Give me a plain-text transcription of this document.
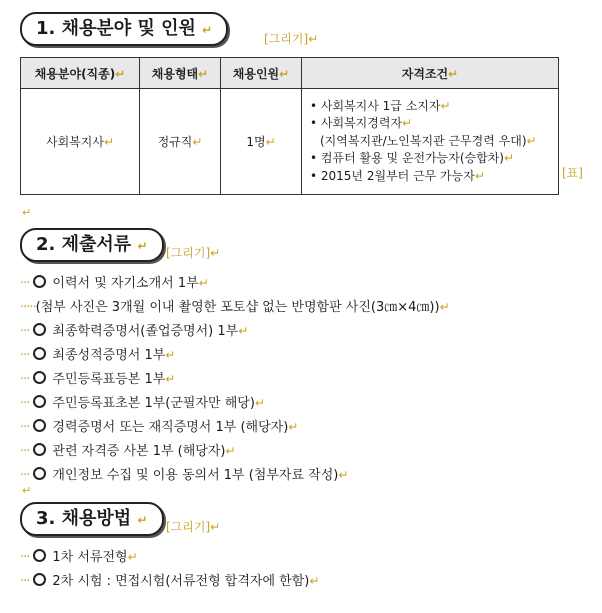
1. 채용분야 및 인원 ↵
[그리기]↵
채용분야(직종)↵	채용형태↵	채용인원↵	자격조건↵
사회복지사↵	정규직↵	1명↵	• 사회복지사 1급 소지자↵
• 사회복지경력자↵
(지역복지관/노인복지관 근무경력 우대)↵
• 컴퓨터 활용 및 운전가능자(승합차)↵
• 2015년 2월부터 근무 가능자↵	[표]
↵
2. 제출서류 ↵	[그리기]↵
··· 이력서 및 자기소개서 1부↵
·····(첨부 사진은 3개월 이내 촬영한 포토샵 없는 반명함판 사진(3㎝×4㎝))↵
··· 최종학력증명서(졸업증명서) 1부↵
··· 최종성적증명서 1부↵
··· 주민등록표등본 1부↵
··· 주민등록표초본 1부(군필자만 해당)↵
··· 경력증명서 또는 재직증명서 1부 (해당자)↵
··· 관련 자격증 사본 1부 (해당자)↵
··· 개인정보 수집 및 이용 동의서 1부 (첨부자료 작성)↵
↵
3. 채용방법 ↵	[그리기]↵
··· 1차 서류전형↵
··· 2차 시험 : 면접시험(서류전형 합격자에 한함)↵
